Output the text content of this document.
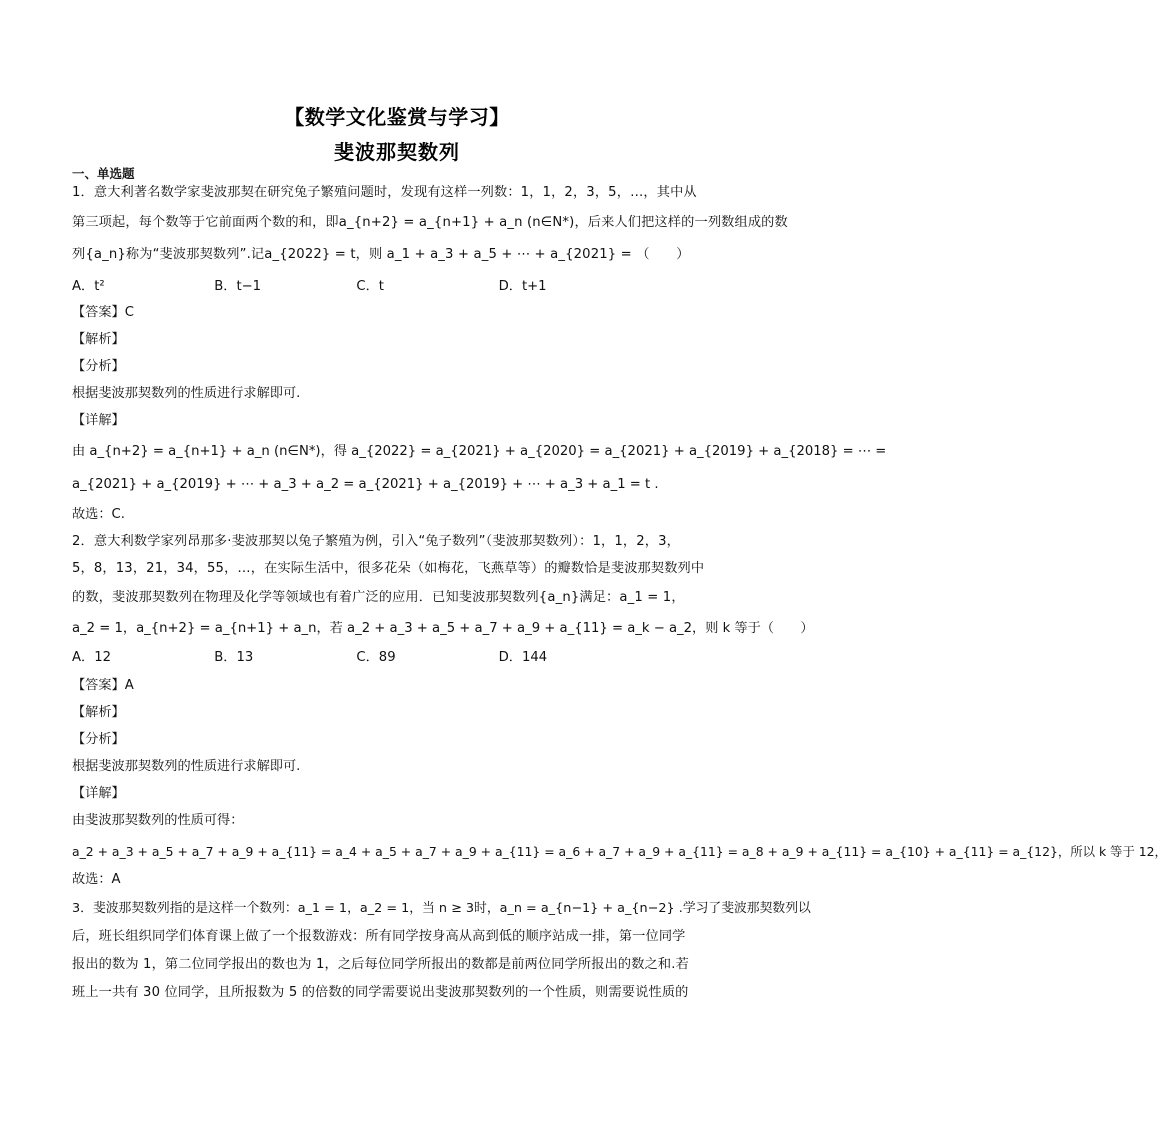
【数学文化鉴赏与学习】
斐波那契数列
一、单选题
1．意大利著名数学家斐波那契在研究兔子繁殖问题时，发现有这样一列数：1，1，2，3，5，…，其中从
第三项起，每个数等于它前面两个数的和，即a_{n+2} = a_{n+1} + a_n (n∈N*)，后来人们把这样的一列数组成的数
列{a_n}称为“斐波那契数列”.记a_{2022} = t，则 a_1 + a_3 + a_5 + ⋯ + a_{2021} = （　　）
A．t²	B．t−1	C．t	D．t+1
【答案】C
【解析】
【分析】
根据斐波那契数列的性质进行求解即可.
【详解】
由 a_{n+2} = a_{n+1} + a_n (n∈N*)，得 a_{2022} = a_{2021} + a_{2020} = a_{2021} + a_{2019} + a_{2018} = ⋯ =
a_{2021} + a_{2019} + ⋯ + a_3 + a_2 = a_{2021} + a_{2019} + ⋯ + a_3 + a_1 = t .
故选：C.
2．意大利数学家列昂那多·斐波那契以兔子繁殖为例，引入“兔子数列”（斐波那契数列）：1，1，2，3，
5，8，13，21，34，55，…，在实际生活中，很多花朵（如梅花，飞燕草等）的瓣数恰是斐波那契数列中
的数，斐波那契数列在物理及化学等领域也有着广泛的应用．已知斐波那契数列{a_n}满足：a_1 = 1，
a_2 = 1，a_{n+2} = a_{n+1} + a_n，若 a_2 + a_3 + a_5 + a_7 + a_9 + a_{11} = a_k − a_2，则 k 等于（　　）
A．12	B．13	C．89	D．144
【答案】A
【解析】
【分析】
根据斐波那契数列的性质进行求解即可.
【详解】
由斐波那契数列的性质可得：
a_2 + a_3 + a_5 + a_7 + a_9 + a_{11} = a_4 + a_5 + a_7 + a_9 + a_{11} = a_6 + a_7 + a_9 + a_{11} = a_8 + a_9 + a_{11} = a_{10} + a_{11} = a_{12}，所以 k 等于 12，
故选：A
3．斐波那契数列指的是这样一个数列：a_1 = 1，a_2 = 1，当 n ≥ 3时，a_n = a_{n−1} + a_{n−2} .学习了斐波那契数列以
后，班长组织同学们体育课上做了一个报数游戏：所有同学按身高从高到低的顺序站成一排，第一位同学
报出的数为 1，第二位同学报出的数也为 1，之后每位同学所报出的数都是前两位同学所报出的数之和.若
班上一共有 30 位同学，且所报数为 5 的倍数的同学需要说出斐波那契数列的一个性质，则需要说性质的
